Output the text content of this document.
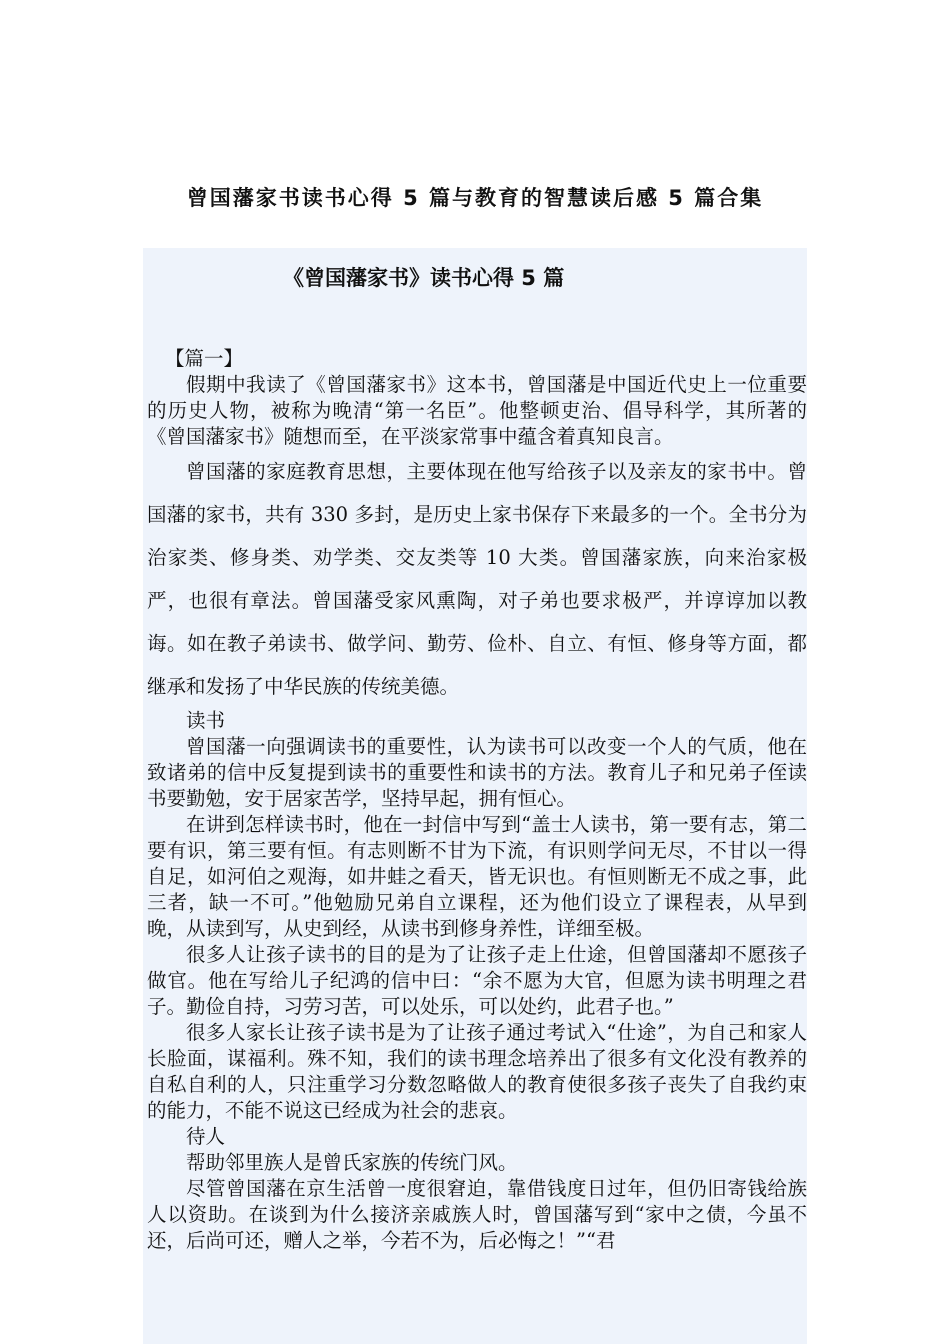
曾国藩家书读书心得 5 篇与教育的智慧读后感 5 篇合集
《曾国藩家书》读书心得 5 篇

【篇一】

假期中我读了《曾国藩家书》这本书，曾国藩是中国近代史上一位重要的历史人物，被称为晚清“第一名臣”。他整顿吏治、倡导科学，其所著的《曾国藩家书》随想而至，在平淡家常事中蕴含着真知良言。

曾国藩的家庭教育思想，主要体现在他写给孩子以及亲友的家书中。曾国藩的家书，共有 330 多封，是历史上家书保存下来最多的一个。全书分为治家类、修身类、劝学类、交友类等 10 大类。曾国藩家族，向来治家极严，也很有章法。曾国藩受家风熏陶，对子弟也要求极严，并谆谆加以教诲。如在教子弟读书、做学问、勤劳、俭朴、自立、有恒、修身等方面，都继承和发扬了中华民族的传统美德。

读书

曾国藩一向强调读书的重要性，认为读书可以改变一个人的气质，他在致诸弟的信中反复提到读书的重要性和读书的方法。教育儿子和兄弟子侄读书要勤勉，安于居家苦学，坚持早起，拥有恒心。

在讲到怎样读书时，他在一封信中写到“盖士人读书，第一要有志，第二要有识，第三要有恒。有志则断不甘为下流，有识则学问无尽，不甘以一得自足，如河伯之观海，如井蛙之看天，皆无识也。有恒则断无不成之事，此三者，缺一不可。”他勉励兄弟自立课程，还为他们设立了课程表，从早到晚，从读到写，从史到经，从读书到修身养性，详细至极。

很多人让孩子读书的目的是为了让孩子走上仕途，但曾国藩却不愿孩子做官。他在写给儿子纪鸿的信中曰：“余不愿为大官，但愿为读书明理之君子。勤俭自持，习劳习苦，可以处乐，可以处约，此君子也。”

很多人家长让孩子读书是为了让孩子通过考试入“仕途”，为自己和家人长脸面，谋福利。殊不知，我们的读书理念培养出了很多有文化没有教养的自私自利的人，只注重学习分数忽略做人的教育使很多孩子丧失了自我约束的能力，不能不说这已经成为社会的悲哀。

待人

帮助邻里族人是曾氏家族的传统门风。

尽管曾国藩在京生活曾一度很窘迫，靠借钱度日过年，但仍旧寄钱给族人以资助。在谈到为什么接济亲戚族人时，曾国藩写到“家中之债，今虽不还，后尚可还，赠人之举，今若不为，后必悔之！”“君
